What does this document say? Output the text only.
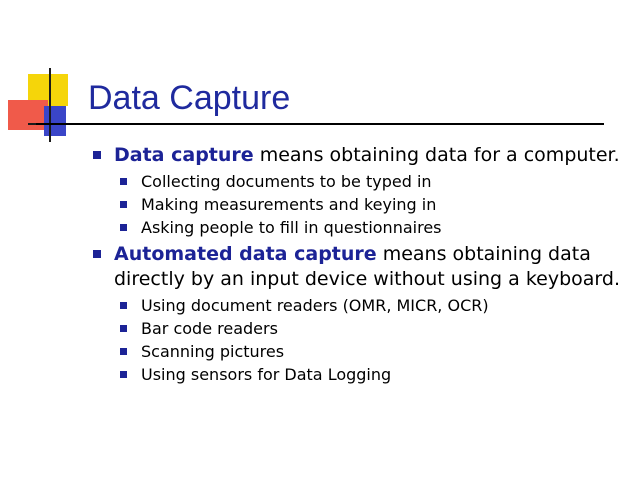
Data Capture
Data capture means obtaining data for a computer.
Collecting documents to be typed in
Making measurements and keying in
Asking people to fill in questionnaires
Automated data capture means obtaining data directly by an input device without using a keyboard.
Using document readers (OMR, MICR, OCR)
Bar code readers
Scanning pictures
Using sensors for Data Logging
